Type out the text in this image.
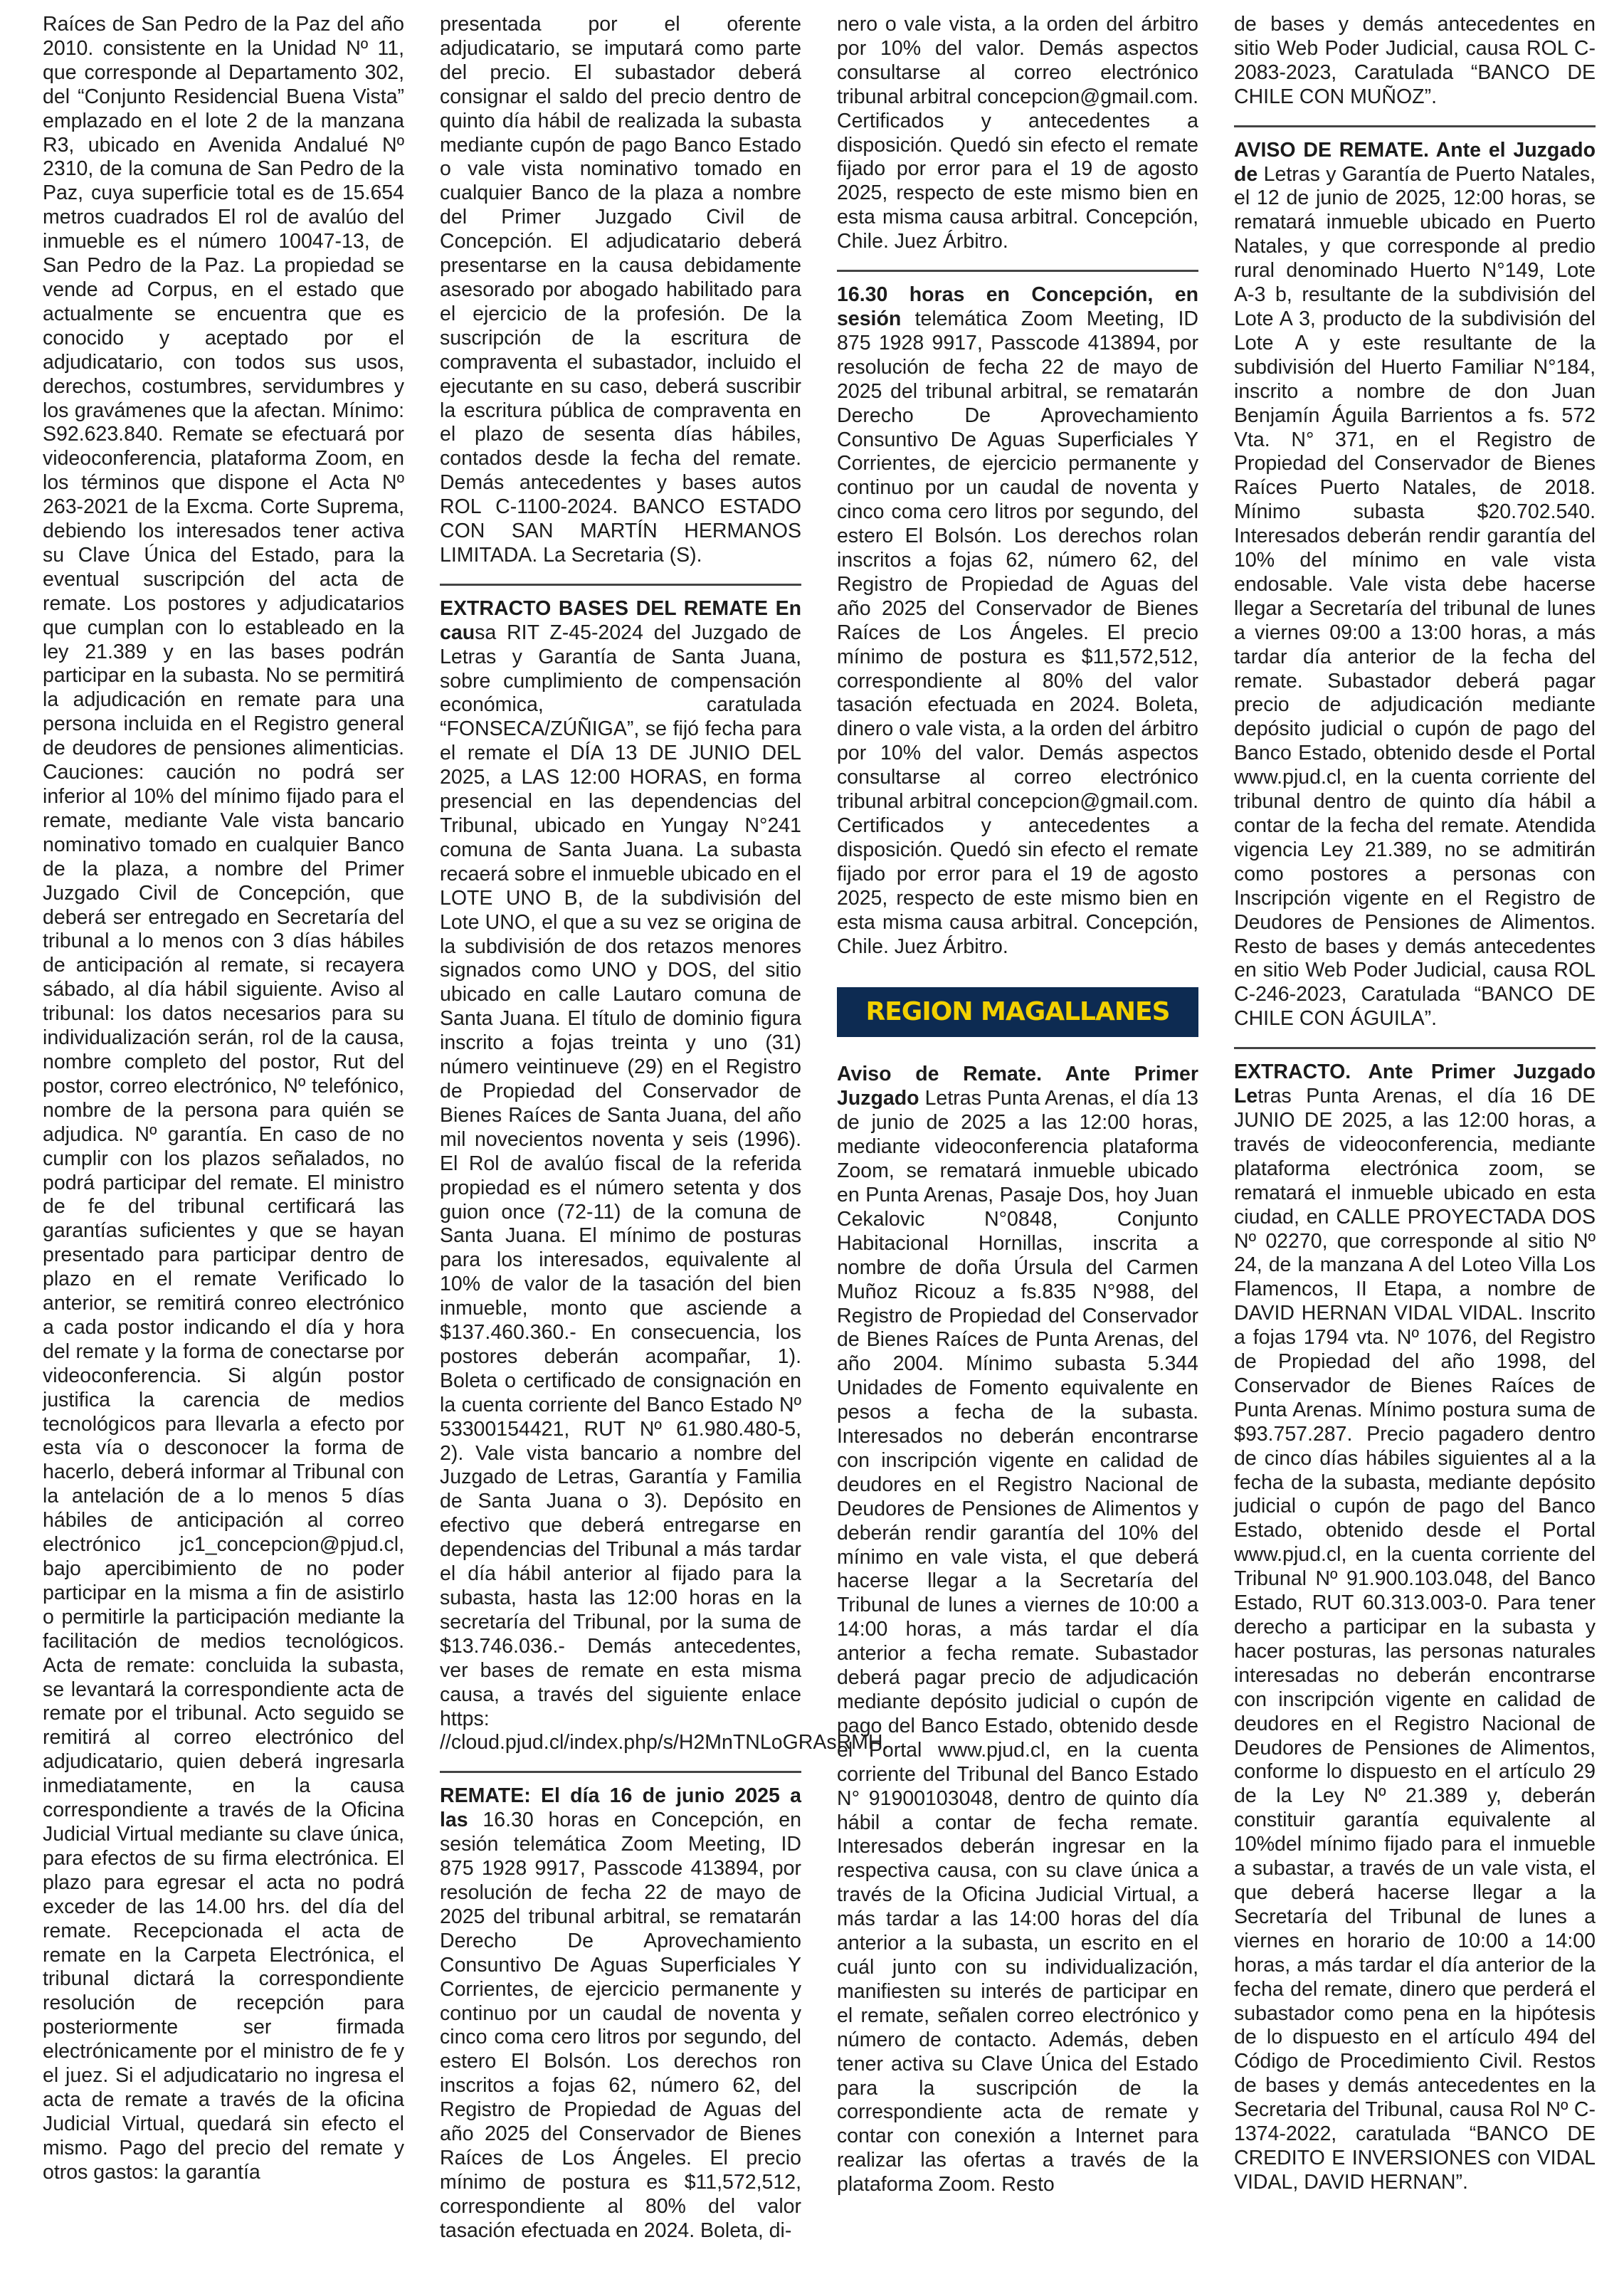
Raíces de San Pedro de la Paz del año 2010. consistente en la Unidad Nº 11, que corresponde al Departamento 302, del “Conjunto Residencial Buena Vista” emplazado en el lote 2 de la manzana R3, ubicado en Avenida Andalué Nº 2310, de la comuna de San Pedro de la Paz, cuya superficie total es de 15.654 metros cuadrados El rol de avalúo del inmueble es el número 10047-13, de San Pedro de la Paz. La propiedad se vende ad Corpus, en el estado que actualmente se encuentra que es conocido y aceptado por el adjudicatario, con todos sus usos, derechos, costumbres, servidumbres y los gravámenes que la afectan. Mínimo: S92.623.840. Remate se efectuará por videoconferencia, plataforma Zoom, en los términos que dispone el Acta Nº 263-2021 de la Excma. Corte Suprema, debiendo los interesados tener activa su Clave Única del Estado, para la eventual suscripción del acta de remate. Los postores y adjudicatarios que cumplan con lo estableado en la ley 21.389 y en las bases podrán participar en la subasta. No se permitirá la adjudicación en remate para una persona incluida en el Registro general de deudores de pensiones alimenticias. Cauciones: caución no podrá ser inferior al 10% del mínimo fijado para el remate, mediante Vale vista bancario nominativo tomado en cualquier Banco de la plaza, a nombre del Primer Juzgado Civil de Concepción, que deberá ser entregado en Secretaría del tribunal a lo menos con 3 días hábiles de anticipación al remate, si recayera sábado, al día hábil siguiente. Aviso al tribunal: los datos necesarios para su individualización serán, rol de la causa, nombre completo del postor, Rut del postor, correo electrónico, Nº telefónico, nombre de la persona para quién se adjudica. Nº garantía. En caso de no cumplir con los plazos señalados, no podrá participar del remate. El ministro de fe del tribunal certificará las garantías suficientes y que se hayan presentado para participar dentro de plazo en el remate Verificado lo anterior, se remitirá conreo electrónico a cada postor indicando el día y hora del remate y la forma de conectarse por videoconferencia. Si algún postor justifica la carencia de medios tecnológicos para llevarla a efecto por esta vía o desconocer la forma de hacerlo, deberá informar al Tribunal con la antelación de a lo menos 5 días hábiles de anticipación al correo electrónico jc1_concepcion@pjud.cl, bajo apercibimiento de no poder participar en la misma a fin de asistirlo o permitirle la participación mediante la facilitación de medios tecnológicos. Acta de remate: concluida la subasta, se levantará la correspondiente acta de remate por el tribunal. Acto seguido se remitirá al correo electrónico del adjudicatario, quien deberá ingresarla inmediatamente, en la causa correspondiente a través de la Oficina Judicial Virtual mediante su clave única, para efectos de su firma electrónica. El plazo para egresar el acta no podrá exceder de las 14.00 hrs. del día del remate. Recepcionada el acta de remate en la Carpeta Electrónica, el tribunal dictará la correspondiente resolución de recepción para posteriormente ser firmada electrónicamente por el ministro de fe y el juez. Si el adjudicatario no ingresa el acta de remate a través de la oficina Judicial Virtual, quedará sin efecto el mismo. Pago del precio del remate y otros gastos: la garantía

presentada por el oferente adjudicatario, se imputará como parte del precio. El subastador deberá consignar el saldo del precio dentro de quinto día hábil de realizada la subasta mediante cupón de pago Banco Estado o vale vista nominativo tomado en cualquier Banco de la plaza a nombre del Primer Juzgado Civil de Concepción. El adjudicatario deberá presentarse en la causa debidamente asesorado por abogado habilitado para el ejercicio de la profesión. De la suscripción de la escritura de compraventa el subastador, incluido el ejecutante en su caso, deberá suscribir la escritura pública de compraventa en el plazo de sesenta días hábiles, contados desde la fecha del remate. Demás antecedentes y bases autos ROL C-1100-2024. BANCO ESTADO CON SAN MARTÍN HERMANOS LIMITADA. La Secretaria (S).

EXTRACTO BASES DEL REMATE En causa RIT Z-45-2024 del Juzgado de Letras y Garantía de Santa Juana, sobre cumplimiento de compensación económica, caratulada “FONSECA/ZÚÑIGA”, se fijó fecha para el remate el DÍA 13 DE JUNIO DEL 2025, a LAS 12:00 HORAS, en forma presencial en las dependencias del Tribunal, ubicado en Yungay N°241 comuna de Santa Juana. La subasta recaerá sobre el inmueble ubicado en el LOTE UNO B, de la subdivisión del Lote UNO, el que a su vez se origina de la subdivisión de dos retazos menores signados como UNO y DOS, del sitio ubicado en calle Lautaro comuna de Santa Juana. El título de dominio figura inscrito a fojas treinta y uno (31) número veintinueve (29) en el Registro de Propiedad del Conservador de Bienes Raíces de Santa Juana, del año mil novecientos noventa y seis (1996). El Rol de avalúo fiscal de la referida propiedad es el número setenta y dos guion once (72-11) de la comuna de Santa Juana. El mínimo de posturas para los interesados, equivalente al 10% de valor de la tasación del bien inmueble, monto que asciende a $137.460.360.- En consecuencia, los postores deberán acompañar, 1). Boleta o certificado de consignación en la cuenta corriente del Banco Estado Nº 53300154421, RUT Nº 61.980.480-5, 2). Vale vista bancario a nombre del Juzgado de Letras, Garantía y Familia de Santa Juana o 3). Depósito en efectivo que deberá entregarse en dependencias del Tribunal a más tardar el día hábil anterior al fijado para la subasta, hasta las 12:00 horas en la secretaría del Tribunal, por la suma de $13.746.036.- Demás antecedentes, ver bases de remate en esta misma causa, a través del siguiente enlace https: //cloud.pjud.cl/index.php/s/H2MnTNLoGRAsRMH.

REMATE: El día 16 de junio 2025 a las 16.30 horas en Concepción, en sesión telemática Zoom Meeting, ID 875 1928 9917, Passcode 413894, por resolución de fecha 22 de mayo de 2025 del tribunal arbitral, se rematarán Derecho De Aprovechamiento Consuntivo De Aguas Superficiales Y Corrientes, de ejercicio permanente y continuo por un caudal de noventa y cinco coma cero litros por segundo, del estero El Bolsón. Los derechos ron inscritos a fojas 62, número 62, del Registro de Propiedad de Aguas del año 2025 del Conservador de Bienes Raíces de Los Ángeles. El precio mínimo de postura es $11,572,512, correspondiente al 80% del valor tasación efectuada en 2024. Boleta, di-

nero o vale vista, a la orden del árbitro por 10% del valor. Demás aspectos consultarse al correo electrónico tribunal arbitral concepcion@gmail.com. Certificados y antecedentes a disposición. Quedó sin efecto el remate fijado por error para el 19 de agosto 2025, respecto de este mismo bien en esta misma causa arbitral. Concepción, Chile. Juez Árbitro.

16.30 horas en Concepción, en sesión telemática Zoom Meeting, ID 875 1928 9917, Passcode 413894, por resolución de fecha 22 de mayo de 2025 del tribunal arbitral, se rematarán Derecho De Aprovechamiento Consuntivo De Aguas Superficiales Y Corrientes, de ejercicio permanente y continuo por un caudal de noventa y cinco coma cero litros por segundo, del estero El Bolsón. Los derechos rolan inscritos a fojas 62, número 62, del Registro de Propiedad de Aguas del año 2025 del Conservador de Bienes Raíces de Los Ángeles. El precio mínimo de postura es $11,572,512, correspondiente al 80% del valor tasación efectuada en 2024. Boleta, dinero o vale vista, a la orden del árbitro por 10% del valor. Demás aspectos consultarse al correo electrónico tribunal arbitral concepcion@gmail.com. Certificados y antecedentes a disposición. Quedó sin efecto el remate fijado por error para el 19 de agosto 2025, respecto de este mismo bien en esta misma causa arbitral. Concepción, Chile. Juez Árbitro.

REGION MAGALLANES

Aviso de Remate. Ante Primer Juzgado Letras Punta Arenas, el día 13 de junio de 2025 a las 12:00 horas, mediante videoconferencia plataforma Zoom, se rematará inmueble ubicado en Punta Arenas, Pasaje Dos, hoy Juan Cekalovic N°0848, Conjunto Habitacional Hornillas, inscrita a nombre de doña Úrsula del Carmen Muñoz Ricouz a fs.835 N°988, del Registro de Propiedad del Conservador de Bienes Raíces de Punta Arenas, del año 2004. Mínimo subasta 5.344 Unidades de Fomento equivalente en pesos a fecha de la subasta. Interesados no deberán encontrarse con inscripción vigente en calidad de deudores en el Registro Nacional de Deudores de Pensiones de Alimentos y deberán rendir garantía del 10% del mínimo en vale vista, el que deberá hacerse llegar a la Secretaría del Tribunal de lunes a viernes de 10:00 a 14:00 horas, a más tardar el día anterior a fecha remate. Subastador deberá pagar precio de adjudicación mediante depósito judicial o cupón de pago del Banco Estado, obtenido desde el Portal www.pjud.cl, en la cuenta corriente del Tribunal del Banco Estado N° 91900103048, dentro de quinto día hábil a contar de fecha remate. Interesados deberán ingresar en la respectiva causa, con su clave única a través de la Oficina Judicial Virtual, a más tardar a las 14:00 horas del día anterior a la subasta, un escrito en el cuál junto con su individualización, manifiesten su interés de participar en el remate, señalen correo electrónico y número de contacto. Además, deben tener activa su Clave Única del Estado para la suscripción de la correspondiente acta de remate y contar con conexión a Internet para realizar las ofertas a través de la plataforma Zoom. Resto

de bases y demás antecedentes en sitio Web Poder Judicial, causa ROL C-2083-2023, Caratulada “BANCO DE CHILE CON MUÑOZ”.

AVISO DE REMATE. Ante el Juzgado de Letras y Garantía de Puerto Natales, el 12 de junio de 2025, 12:00 horas, se rematará inmueble ubicado en Puerto Natales, y que corresponde al predio rural denominado Huerto N°149, Lote A-3 b, resultante de la subdivisión del Lote A 3, producto de la subdivisión del Lote A y este resultante de la subdivisión del Huerto Familiar N°184, inscrito a nombre de don Juan Benjamín Águila Barrientos a fs. 572 Vta. N° 371, en el Registro de Propiedad del Conservador de Bienes Raíces Puerto Natales, de 2018. Mínimo subasta $20.702.540. Interesados deberán rendir garantía del 10% del mínimo en vale vista endosable. Vale vista debe hacerse llegar a Secretaría del tribunal de lunes a viernes 09:00 a 13:00 horas, a más tardar día anterior de la fecha del remate. Subastador deberá pagar precio de adjudicación mediante depósito judicial o cupón de pago del Banco Estado, obtenido desde el Portal www.pjud.cl, en la cuenta corriente del tribunal dentro de quinto día hábil a contar de la fecha del remate. Atendida vigencia Ley 21.389, no se admitirán como postores a personas con Inscripción vigente en el Registro de Deudores de Pensiones de Alimentos. Resto de bases y demás antecedentes en sitio Web Poder Judicial, causa ROL C-246-2023, Caratulada “BANCO DE CHILE CON ÁGUILA”.

EXTRACTO. Ante Primer Juzgado Letras Punta Arenas, el día 16 DE JUNIO DE 2025, a las 12:00 horas, a través de videoconferencia, mediante plataforma electrónica zoom, se rematará el inmueble ubicado en esta ciudad, en CALLE PROYECTADA DOS Nº 02270, que corresponde al sitio Nº 24, de la manzana A del Loteo Villa Los Flamencos, II Etapa, a nombre de DAVID HERNAN VIDAL VIDAL. Inscrito a fojas 1794 vta. Nº 1076, del Registro de Propiedad del año 1998, del Conservador de Bienes Raíces de Punta Arenas. Mínimo postura suma de $93.757.287. Precio pagadero dentro de cinco días hábiles siguientes al a la fecha de la subasta, mediante depósito judicial o cupón de pago del Banco Estado, obtenido desde el Portal www.pjud.cl, en la cuenta corriente del Tribunal Nº 91.900.103.048, del Banco Estado, RUT 60.313.003-0. Para tener derecho a participar en la subasta y hacer posturas, las personas naturales interesadas no deberán encontrarse con inscripción vigente en calidad de deudores en el Registro Nacional de Deudores de Pensiones de Alimentos, conforme lo dispuesto en el artículo 29 de la Ley Nº 21.389 y, deberán constituir garantía equivalente al 10%del mínimo fijado para el inmueble a subastar, a través de un vale vista, el que deberá hacerse llegar a la Secretaría del Tribunal de lunes a viernes en horario de 10:00 a 14:00 horas, a más tardar el día anterior de la fecha del remate, dinero que perderá el subastador como pena en la hipótesis de lo dispuesto en el artículo 494 del Código de Procedimiento Civil. Restos de bases y demás antecedentes en la Secretaria del Tribunal, causa Rol Nº C-1374-2022, caratulada “BANCO DE CREDITO E INVERSIONES con VIDAL VIDAL, DAVID HERNAN”.
